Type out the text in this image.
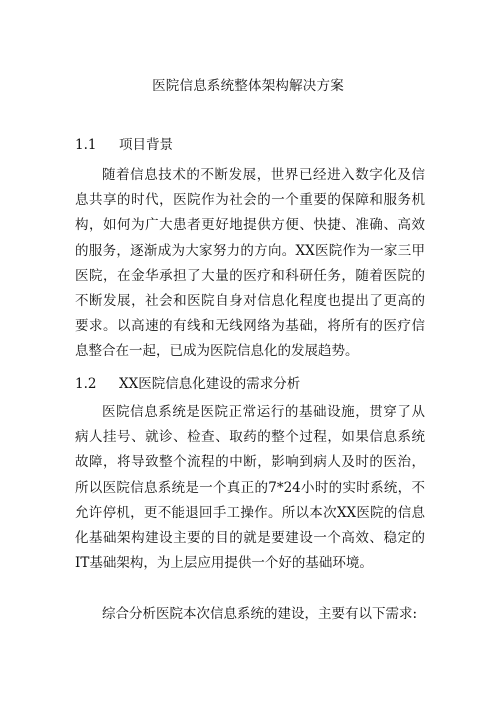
医院信息系统整体架构解决方案
1.1 项目背景
随着信息技术的不断发展，世界已经进入数字化及信息共享的时代，医院作为社会的一个重要的保障和服务机构，如何为广大患者更好地提供方便、快捷、准确、高效的服务，逐渐成为大家努力的方向。XX医院作为一家三甲医院，在金华承担了大量的医疗和科研任务，随着医院的不断发展，社会和医院自身对信息化程度也提出了更高的要求。以高速的有线和无线网络为基础，将所有的医疗信息整合在一起，已成为医院信息化的发展趋势。
1.2 XX医院信息化建设的需求分析
医院信息系统是医院正常运行的基础设施，贯穿了从病人挂号、就诊、检查、取药的整个过程，如果信息系统故障，将导致整个流程的中断，影响到病人及时的医治，所以医院信息系统是一个真正的7*24小时的实时系统，不允许停机，更不能退回手工操作。所以本次XX医院的信息化基础架构建设主要的目的就是要建设一个高效、稳定的IT基础架构，为上层应用提供一个好的基础环境。
综合分析医院本次信息系统的建设，主要有以下需求:
